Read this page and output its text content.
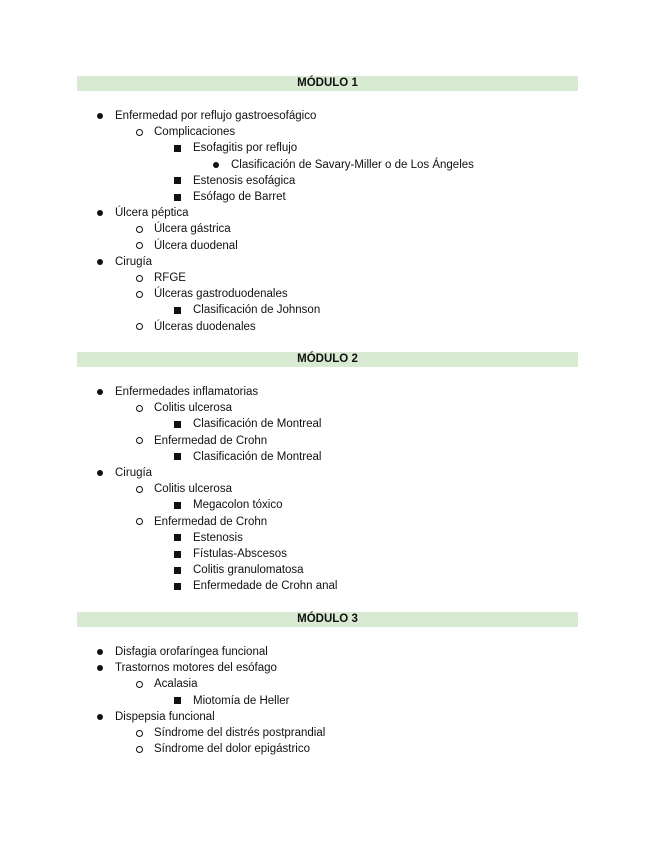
MÓDULO 1
Enfermedad por reflujo gastroesofágico
Complicaciones
Esofagitis por reflujo
Clasificación de Savary-Miller o de Los Ángeles
Estenosis esofágica
Esófago de Barret
Úlcera péptica
Úlcera gástrica
Úlcera duodenal
Cirugía
RFGE
Úlceras gastroduodenales
Clasificación de Johnson
Úlceras duodenales
MÓDULO 2
Enfermedades inflamatorias
Colitis ulcerosa
Clasificación de Montreal
Enfermedad de Crohn
Clasificación de Montreal
Cirugía
Colitis ulcerosa
Megacolon tóxico
Enfermedad de Crohn
Estenosis
Fístulas-Abscesos
Colitis granulomatosa
Enfermedade de Crohn anal
MÓDULO 3
Disfagia orofaríngea funcional
Trastornos motores del esófago
Acalasia
Miotomía de Heller
Dispepsia funcional
Síndrome del distrés postprandial
Síndrome del dolor epigástrico
